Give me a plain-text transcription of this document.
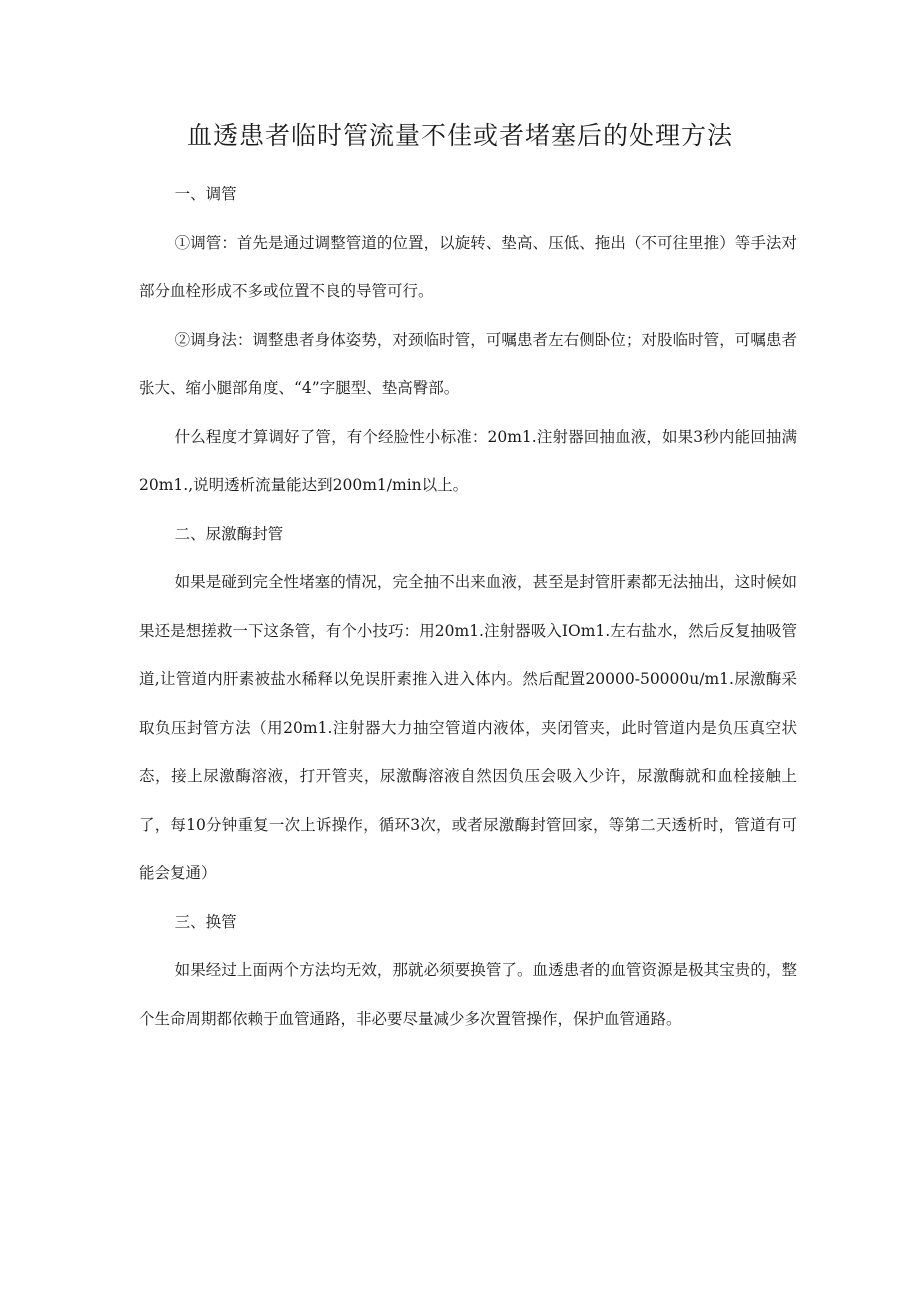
血透患者临时管流量不佳或者堵塞后的处理方法

一、调管

①调管：首先是通过调整管道的位置，以旋转、垫高、压低、拖出（不可往里推）等手法对部分血栓形成不多或位置不良的导管可行。

②调身法：调整患者身体姿势，对颈临时管，可嘱患者左右侧卧位；对股临时管，可嘱患者张大、缩小腿部角度、“4”字腿型、垫高臀部。

什么程度才算调好了管，有个经脸性小标准：20m1.注射器回抽血液，如果3秒内能回抽满20m1.,说明透析流量能达到200m1∕min以上。

二、尿激酶封管

如果是碰到完全性堵塞的情况，完全抽不出来血液，甚至是封管肝素都无法抽出，这时候如果还是想搓救一下这条管，有个小技巧：用20m1.注射器吸入IOm1.左右盐水，然后反复抽吸管道,让管道内肝素被盐水稀释以免误肝素推入进入体内。然后配置20000-50000u∕m1.尿激酶采取负压封管方法（用20m1.注射器大力抽空管道内液体，夹闭管夹，此时管道内是负压真空状态，接上尿激酶溶液，打开管夹，尿激酶溶液自然因负压会吸入少许，尿激酶就和血栓接触上了，每10分钟重复一次上诉操作，循环3次，或者尿激酶封管回家，等第二天透析时，管道有可能会复通）

三、换管

如果经过上面两个方法均无效，那就必须要换管了。血透患者的血管资源是极其宝贵的，整个生命周期都依赖于血管通路，非必要尽量减少多次置管操作，保护血管通路。
